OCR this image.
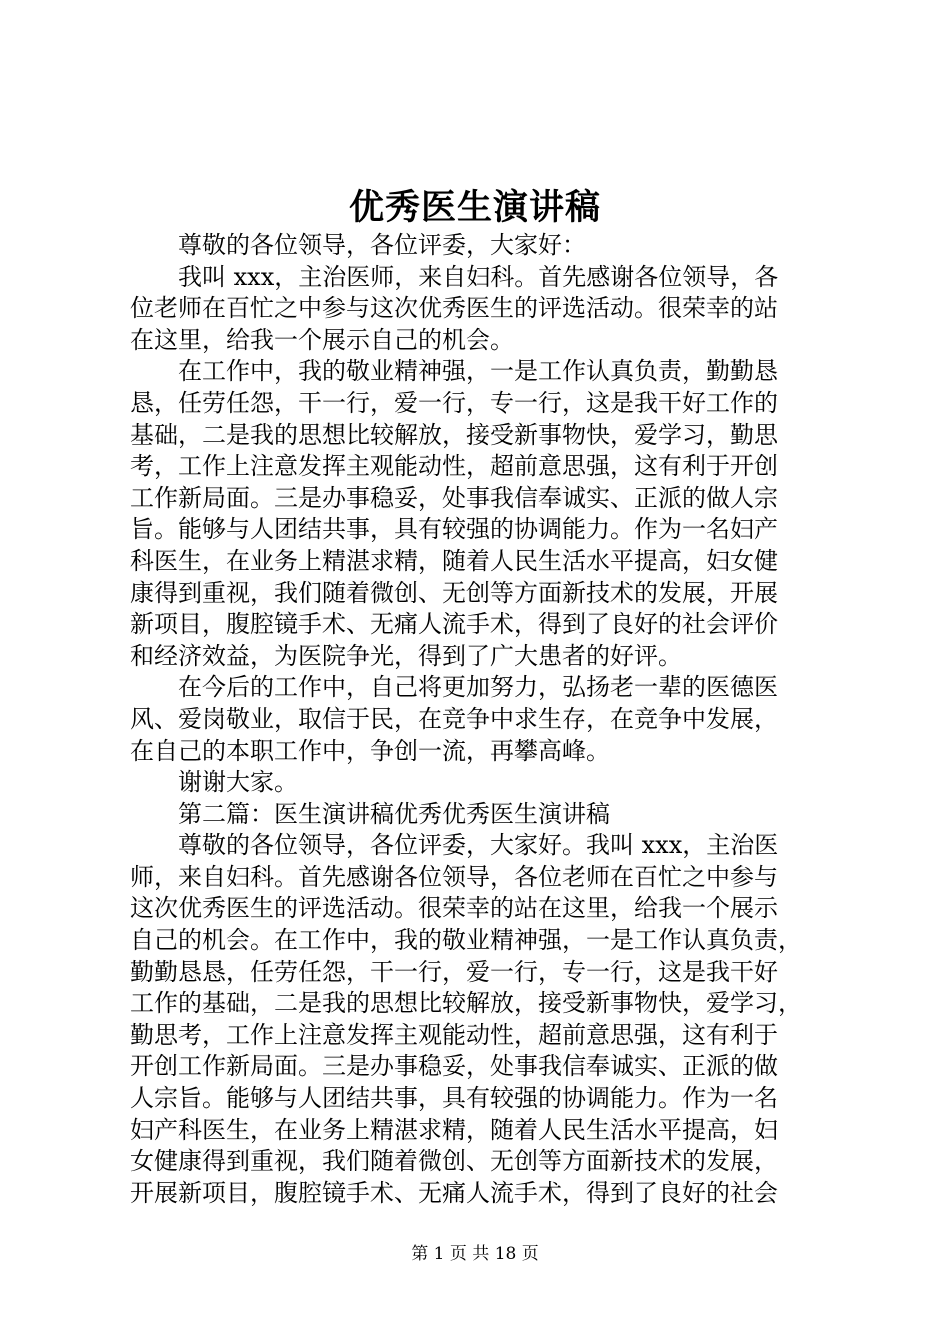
优秀医生演讲稿
尊敬的各位领导，各位评委，大家好：
我叫 xxx，主治医师，来自妇科。首先感谢各位领导，各
位老师在百忙之中参与这次优秀医生的评选活动。很荣幸的站
在这里，给我一个展示自己的机会。
在工作中，我的敬业精神强，一是工作认真负责，勤勤恳
恳，任劳任怨，干一行，爱一行，专一行，这是我干好工作的
基础，二是我的思想比较解放，接受新事物快，爱学习，勤思
考，工作上注意发挥主观能动性，超前意思强，这有利于开创
工作新局面。三是办事稳妥，处事我信奉诚实、正派的做人宗
旨。能够与人团结共事，具有较强的协调能力。作为一名妇产
科医生，在业务上精湛求精，随着人民生活水平提高，妇女健
康得到重视，我们随着微创、无创等方面新技术的发展，开展
新项目，腹腔镜手术、无痛人流手术，得到了良好的社会评价
和经济效益，为医院争光，得到了广大患者的好评。
在今后的工作中，自己将更加努力，弘扬老一辈的医德医
风、爱岗敬业，取信于民，在竞争中求生存，在竞争中发展，
在自己的本职工作中，争创一流，再攀高峰。
谢谢大家。
第二篇：医生演讲稿优秀优秀医生演讲稿
尊敬的各位领导，各位评委，大家好。我叫 xxx，主治医
师，来自妇科。首先感谢各位领导，各位老师在百忙之中参与
这次优秀医生的评选活动。很荣幸的站在这里，给我一个展示
自己的机会。在工作中，我的敬业精神强，一是工作认真负责，
勤勤恳恳，任劳任怨，干一行，爱一行，专一行，这是我干好
工作的基础，二是我的思想比较解放，接受新事物快，爱学习，
勤思考，工作上注意发挥主观能动性，超前意思强，这有利于
开创工作新局面。三是办事稳妥，处事我信奉诚实、正派的做
人宗旨。能够与人团结共事，具有较强的协调能力。作为一名
妇产科医生，在业务上精湛求精，随着人民生活水平提高，妇
女健康得到重视，我们随着微创、无创等方面新技术的发展，
开展新项目，腹腔镜手术、无痛人流手术，得到了良好的社会
第 1 页 共 18 页
